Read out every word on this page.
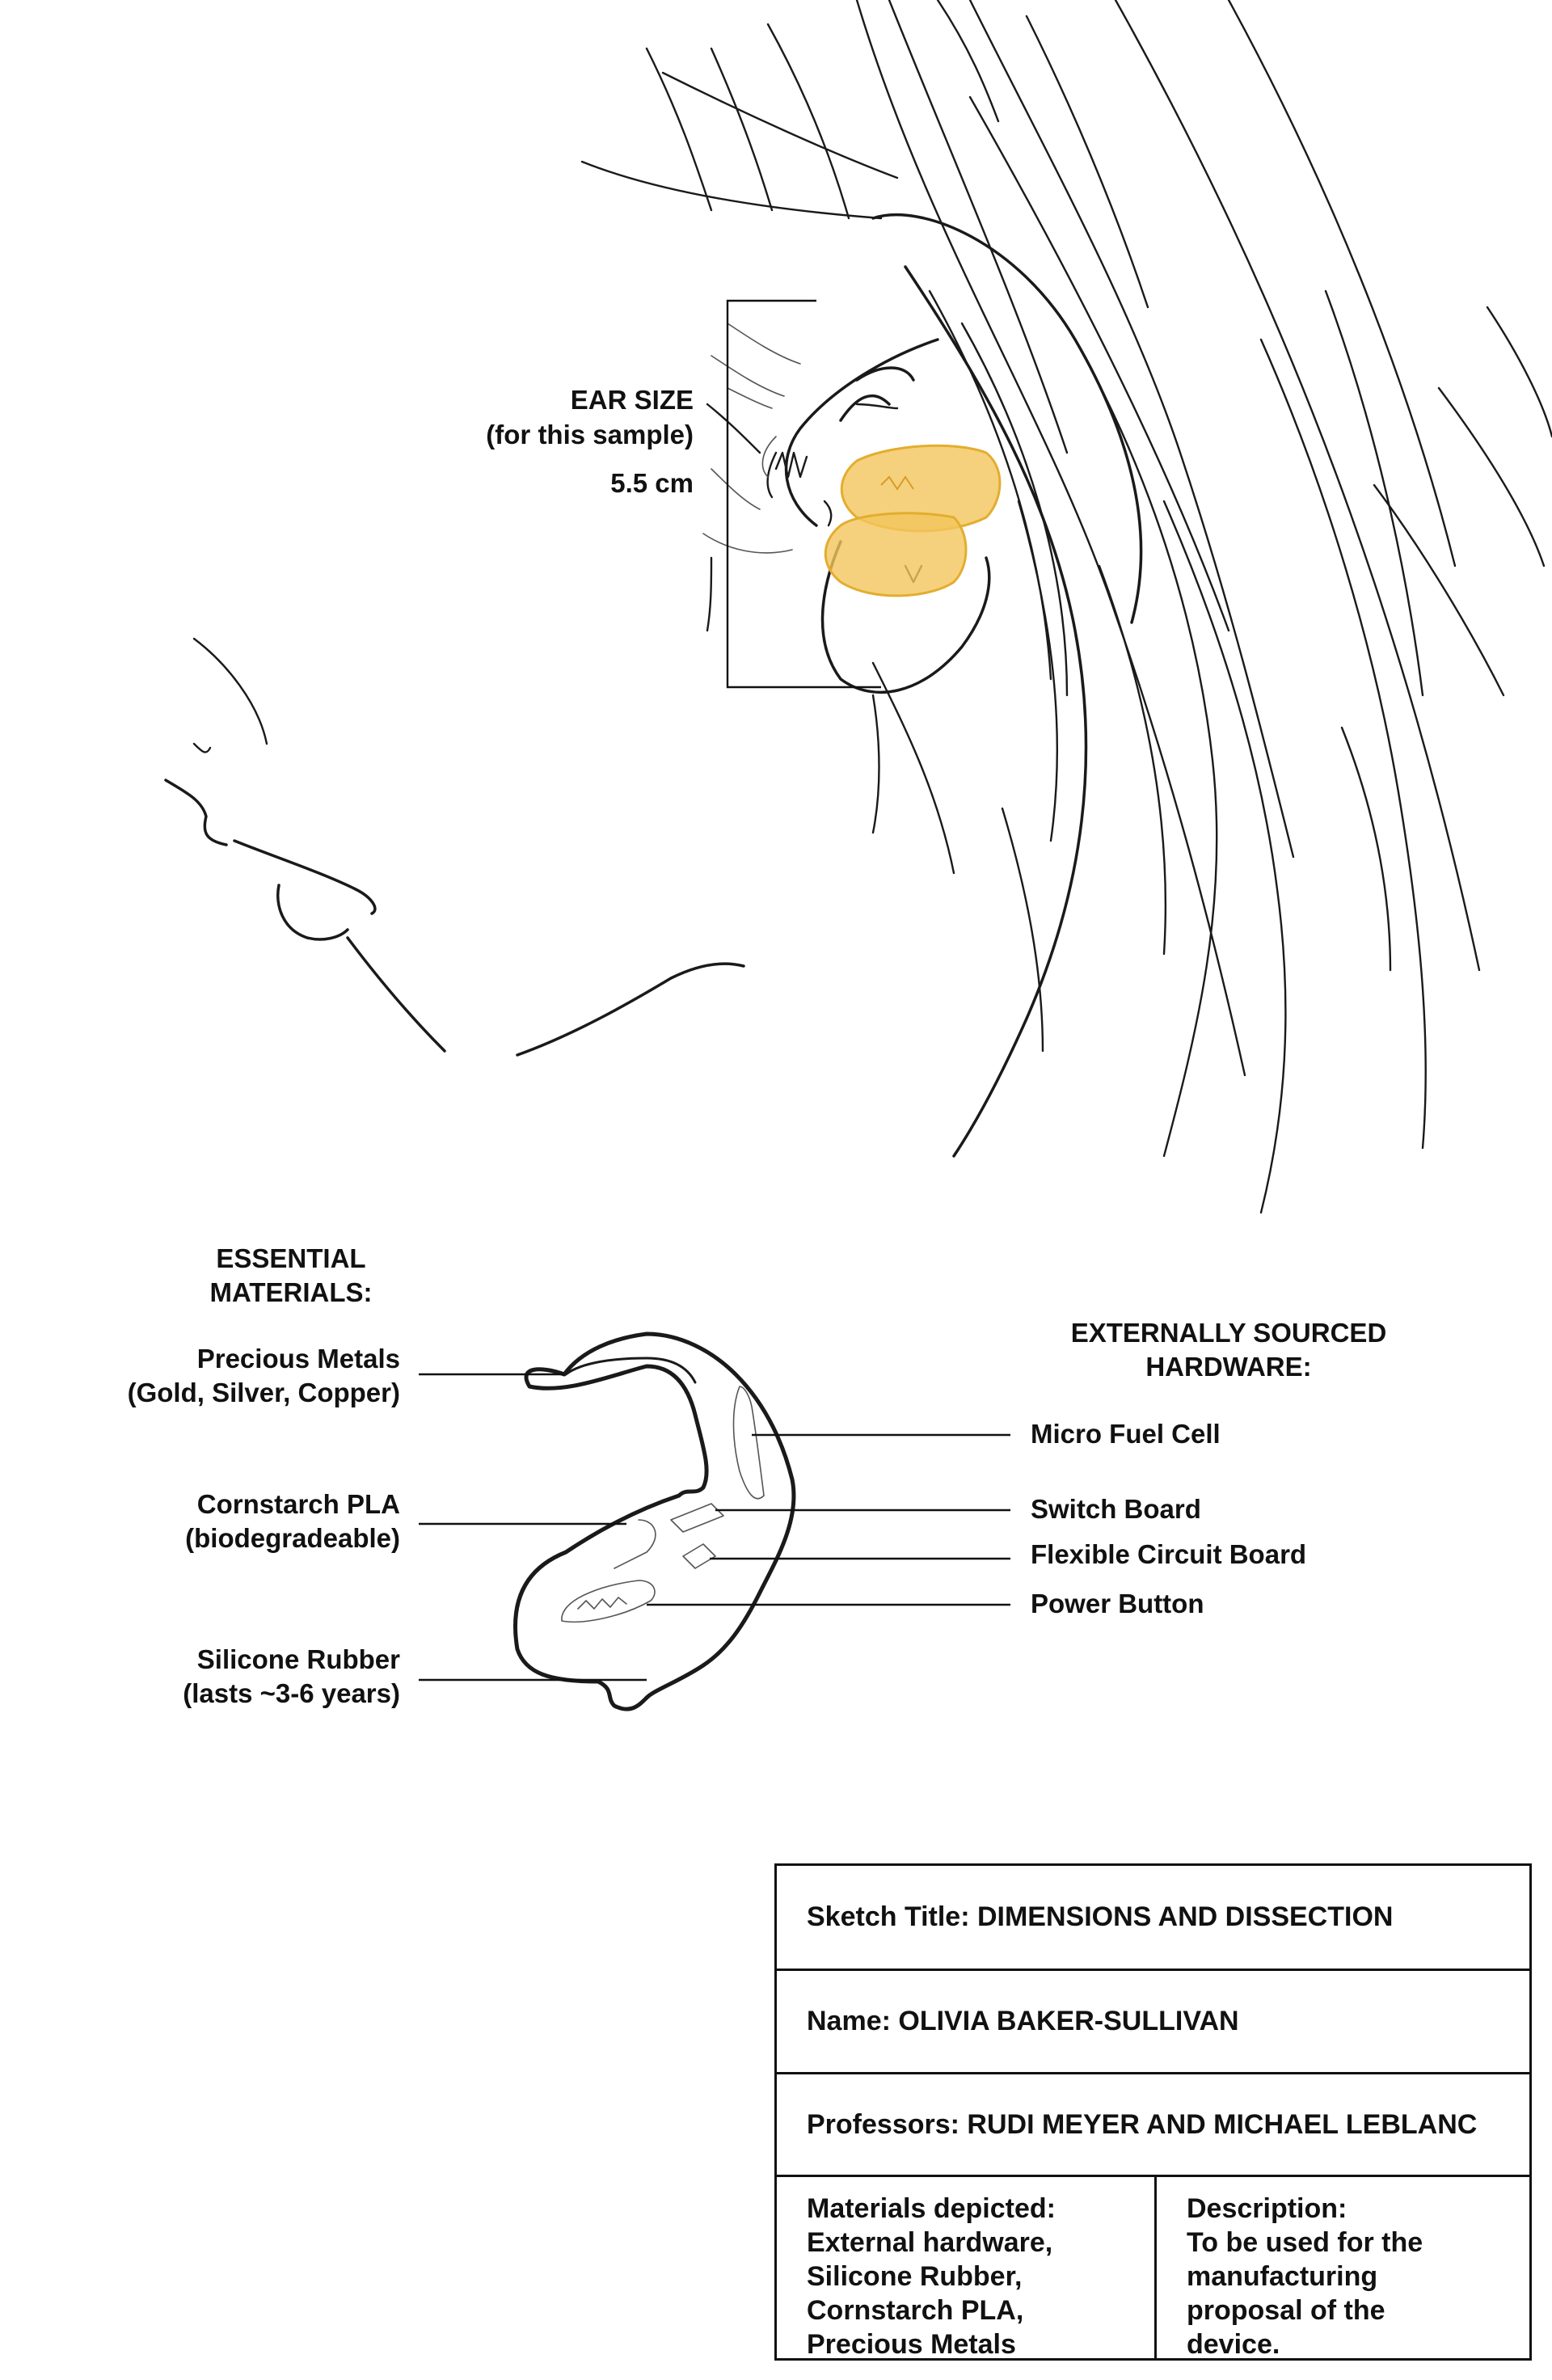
EAR SIZE
(for this sample)
5.5 cm
ESSENTIAL
MATERIALS:
Precious Metals
(Gold, Silver, Copper)
Cornstarch PLA
(biodegradeable)
Silicone Rubber
(lasts ~3-6 years)
EXTERNALLY SOURCED
HARDWARE:
Micro Fuel Cell
Switch Board
Flexible Circuit Board
Power Button
Sketch Title: DIMENSIONS AND DISSECTION
Name: OLIVIA BAKER-SULLIVAN
Professors: RUDI MEYER AND MICHAEL LEBLANC
Materials depicted:
External hardware,
Silicone Rubber,
Cornstarch PLA,
Precious Metals
Description:
To be used for the
manufacturing
proposal of the
device.
